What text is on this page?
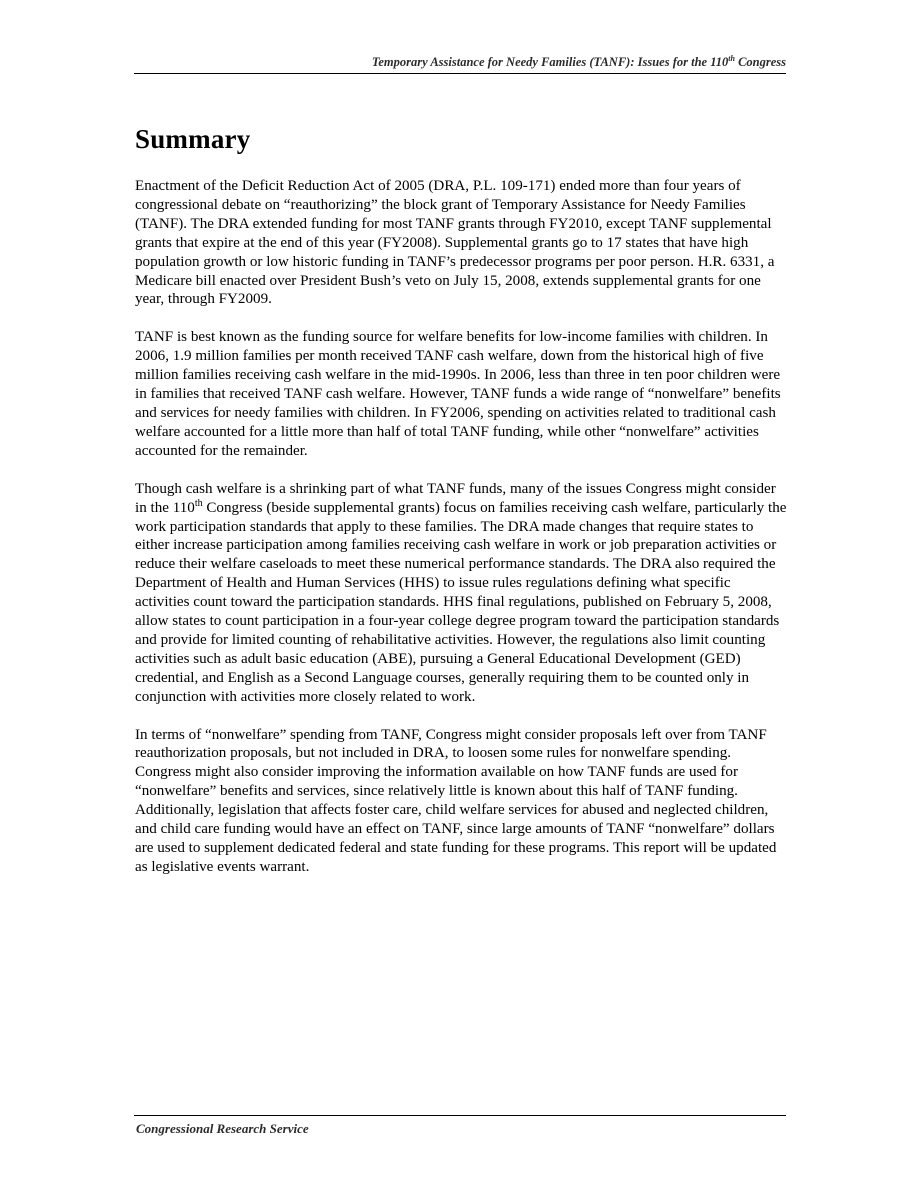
Temporary Assistance for Needy Families (TANF): Issues for the 110th Congress
Summary

Enactment of the Deficit Reduction Act of 2005 (DRA, P.L. 109-171) ended more than four years of congressional debate on “reauthorizing” the block grant of Temporary Assistance for Needy Families (TANF). The DRA extended funding for most TANF grants through FY2010, except TANF supplemental grants that expire at the end of this year (FY2008). Supplemental grants go to 17 states that have high population growth or low historic funding in TANF’s predecessor programs per poor person. H.R. 6331, a Medicare bill enacted over President Bush’s veto on July 15, 2008, extends supplemental grants for one year, through FY2009.

TANF is best known as the funding source for welfare benefits for low-income families with children. In 2006, 1.9 million families per month received TANF cash welfare, down from the historical high of five million families receiving cash welfare in the mid-1990s. In 2006, less than three in ten poor children were in families that received TANF cash welfare. However, TANF funds a wide range of “nonwelfare” benefits and services for needy families with children. In FY2006, spending on activities related to traditional cash welfare accounted for a little more than half of total TANF funding, while other “nonwelfare” activities accounted for the remainder.

Though cash welfare is a shrinking part of what TANF funds, many of the issues Congress might consider in the 110th Congress (beside supplemental grants) focus on families receiving cash welfare, particularly the work participation standards that apply to these families. The DRA made changes that require states to either increase participation among families receiving cash welfare in work or job preparation activities or reduce their welfare caseloads to meet these numerical performance standards. The DRA also required the Department of Health and Human Services (HHS) to issue rules regulations defining what specific activities count toward the participation standards. HHS final regulations, published on February 5, 2008, allow states to count participation in a four-year college degree program toward the participation standards and provide for limited counting of rehabilitative activities. However, the regulations also limit counting activities such as adult basic education (ABE), pursuing a General Educational Development (GED) credential, and English as a Second Language courses, generally requiring them to be counted only in conjunction with activities more closely related to work.

In terms of “nonwelfare” spending from TANF, Congress might consider proposals left over from TANF reauthorization proposals, but not included in DRA, to loosen some rules for nonwelfare spending. Congress might also consider improving the information available on how TANF funds are used for “nonwelfare” benefits and services, since relatively little is known about this half of TANF funding. Additionally, legislation that affects foster care, child welfare services for abused and neglected children, and child care funding would have an effect on TANF, since large amounts of TANF “nonwelfare” dollars are used to supplement dedicated federal and state funding for these programs. This report will be updated as legislative events warrant.

Congressional Research Service
